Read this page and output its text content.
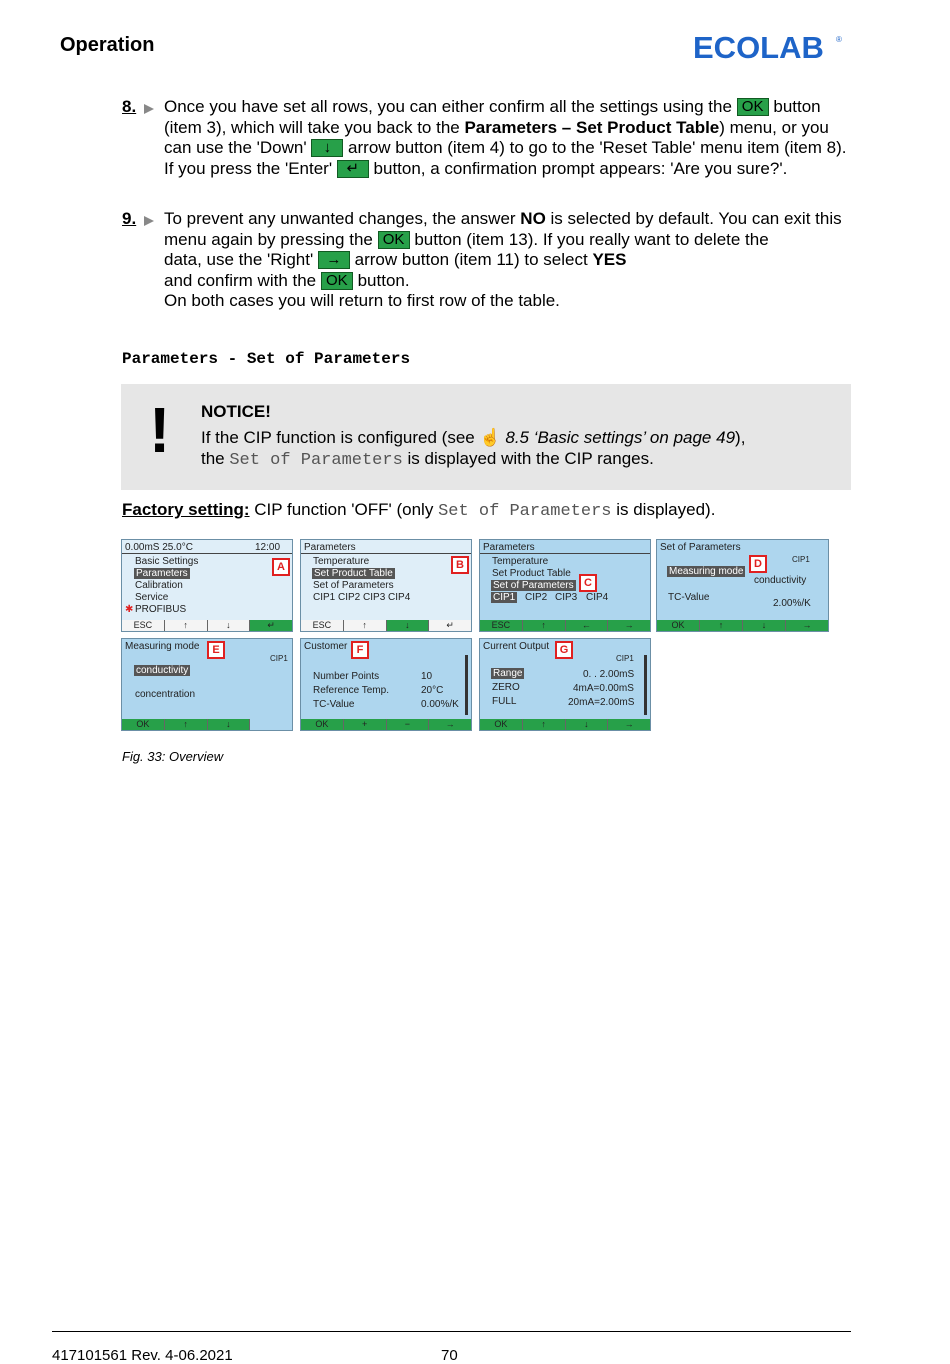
Operation	ECOLAB ®
8. Once you have set all rows, you can either confirm all the settings using the OK button (item 3), which will take you back to the Parameters – Set Product Table) menu, or you can use the 'Down' ↓ arrow button (item 4) to go to the 'Reset Table' menu item (item 8). If you press the 'Enter' ↵ button, a confirmation prompt appears: 'Are you sure?'.
9. To prevent any unwanted changes, the answer NO is selected by default. You can exit this menu again by pressing the OK button (item 13). If you really want to delete the
data, use the 'Right' → arrow button (item 11) to select YES
and confirm with the OK button.
On both cases you will return to first row of the table.
Parameters - Set of Parameters
! NOTICE!
If the CIP function is configured (see ☝ 8.5 ‘Basic settings’ on page 49),
the Set of Parameters is displayed with the CIP ranges.
Factory setting: CIP function 'OFF' (only Set of Parameters is displayed).
0.00mS 25.0°C	12:00
Basic Settings
Parameters
Calibration
Service
✱ PROFIBUS
A
ESC	↑	↓	↵
Parameters
Temperature
Set Product Table
Set of Parameters
CIP1 CIP2 CIP3 CIP4
B
ESC	↑	↓	↵
Parameters
Temperature
Set Product Table
Set of Parameters
CIP1 CIP2 CIP3 CIP4
C
ESC	↑	←	→
Set of Parameters
CIP1
Measuring mode
conductivity
TC-Value
2.00%/K
D
OK	↑	↓	→
Measuring mode
CIP1
conductivity
concentration
E
OK	↑	↓
Customer
Number Points	10
Reference Temp.	20°C
TC-Value	0.00%/K
F
OK	+	−	→
Current Output
CIP1
Range	0. . 2.00mS
ZERO	4mA=0.00mS
FULL	20mA=2.00mS
G
OK	↑	↓	→
Fig. 33: Overview
417101561 Rev. 4-06.2021	70
